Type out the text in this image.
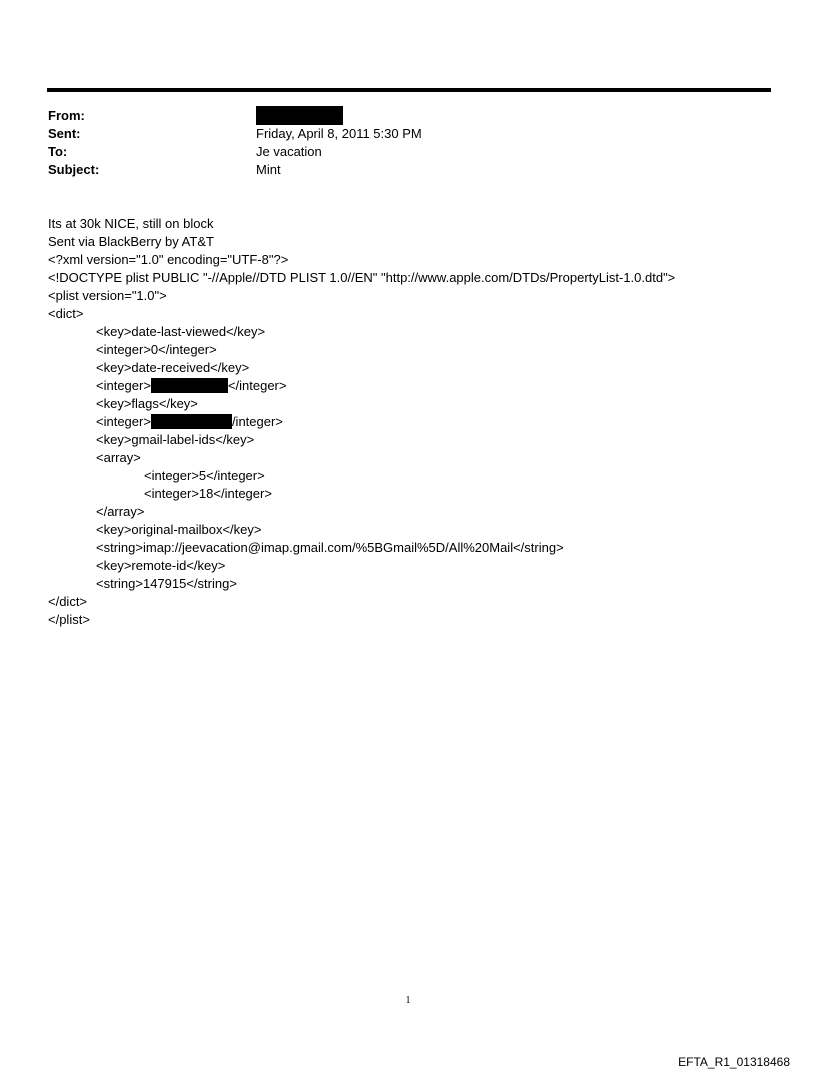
From:
Sent:	Friday, April 8, 2011 5:30 PM
To:	Je vacation
Subject:	Mint
Its at 30k NICE, still on block
Sent via BlackBerry by AT&T
<?xml version="1.0" encoding="UTF-8"?>
<!DOCTYPE plist PUBLIC "-//Apple//DTD PLIST 1.0//EN" "http://www.apple.com/DTDs/PropertyList-1.0.dtd">
<plist version="1.0">
<dict>
<key>date-last-viewed</key>
<integer>0</integer>
<key>date-received</key>
<integer>	</integer>
<key>flags</key>
<integer>	/integer>
<key>gmail-label-ids</key>
<array>
<integer>5</integer>
<integer>18</integer>
</array>
<key>original-mailbox</key>
<string>imap://jeevacation@imap.gmail.com/%5BGmail%5D/All%20Mail</string>
<key>remote-id</key>
<string>147915</string>
</dict>
</plist>
1
EFTA_R1_01318468
